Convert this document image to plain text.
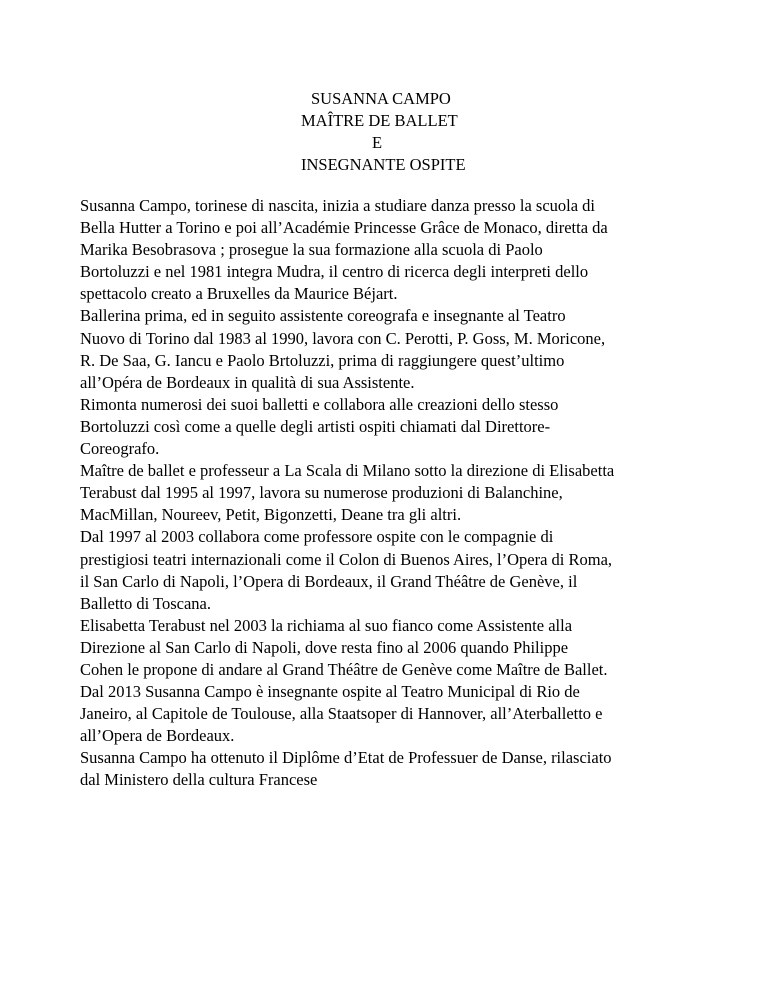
SUSANNA CAMPO
MAÎTRE DE BALLET
E
INSEGNANTE OSPITE
Susanna Campo, torinese di nascita, inizia a studiare danza presso la scuola di
Bella Hutter a Torino e poi all’Académie Princesse Grâce de Monaco, diretta da
Marika Besobrasova ; prosegue la sua formazione alla scuola di Paolo
Bortoluzzi e nel 1981 integra Mudra, il centro di ricerca degli interpreti dello
spettacolo creato a Bruxelles da Maurice Béjart.
Ballerina prima, ed in seguito assistente coreografa e insegnante al Teatro
Nuovo di Torino dal 1983 al 1990, lavora con C. Perotti, P. Goss, M. Moricone,
R. De Saa, G. Iancu e Paolo Brtoluzzi, prima di raggiungere quest’ultimo
all’Opéra de Bordeaux in qualità di sua Assistente.
Rimonta numerosi dei suoi balletti e collabora alle creazioni dello stesso
Bortoluzzi così come a quelle degli artisti ospiti chiamati dal Direttore-
Coreografo.
Maître de ballet e professeur a La Scala di Milano sotto la direzione di Elisabetta
Terabust dal 1995 al 1997, lavora su numerose produzioni di Balanchine,
MacMillan, Noureev, Petit, Bigonzetti, Deane tra gli altri.
Dal 1997 al 2003 collabora come professore ospite con le compagnie di
prestigiosi teatri internazionali come il Colon di Buenos Aires, l’Opera di Roma,
il San Carlo di Napoli, l’Opera di Bordeaux, il Grand Théâtre de Genève, il
Balletto di Toscana.
Elisabetta Terabust nel 2003 la richiama al suo fianco come Assistente alla
Direzione al San Carlo di Napoli, dove resta fino al 2006 quando Philippe
Cohen le propone di andare al Grand Théâtre de Genève come Maître de Ballet.
Dal 2013 Susanna Campo è insegnante ospite al Teatro Municipal di Rio de
Janeiro, al Capitole de Toulouse, alla Staatsoper di Hannover, all’Aterballetto e
all’Opera de Bordeaux.
Susanna Campo ha ottenuto il Diplôme d’Etat de Professuer de Danse, rilasciato
dal Ministero della cultura Francese
